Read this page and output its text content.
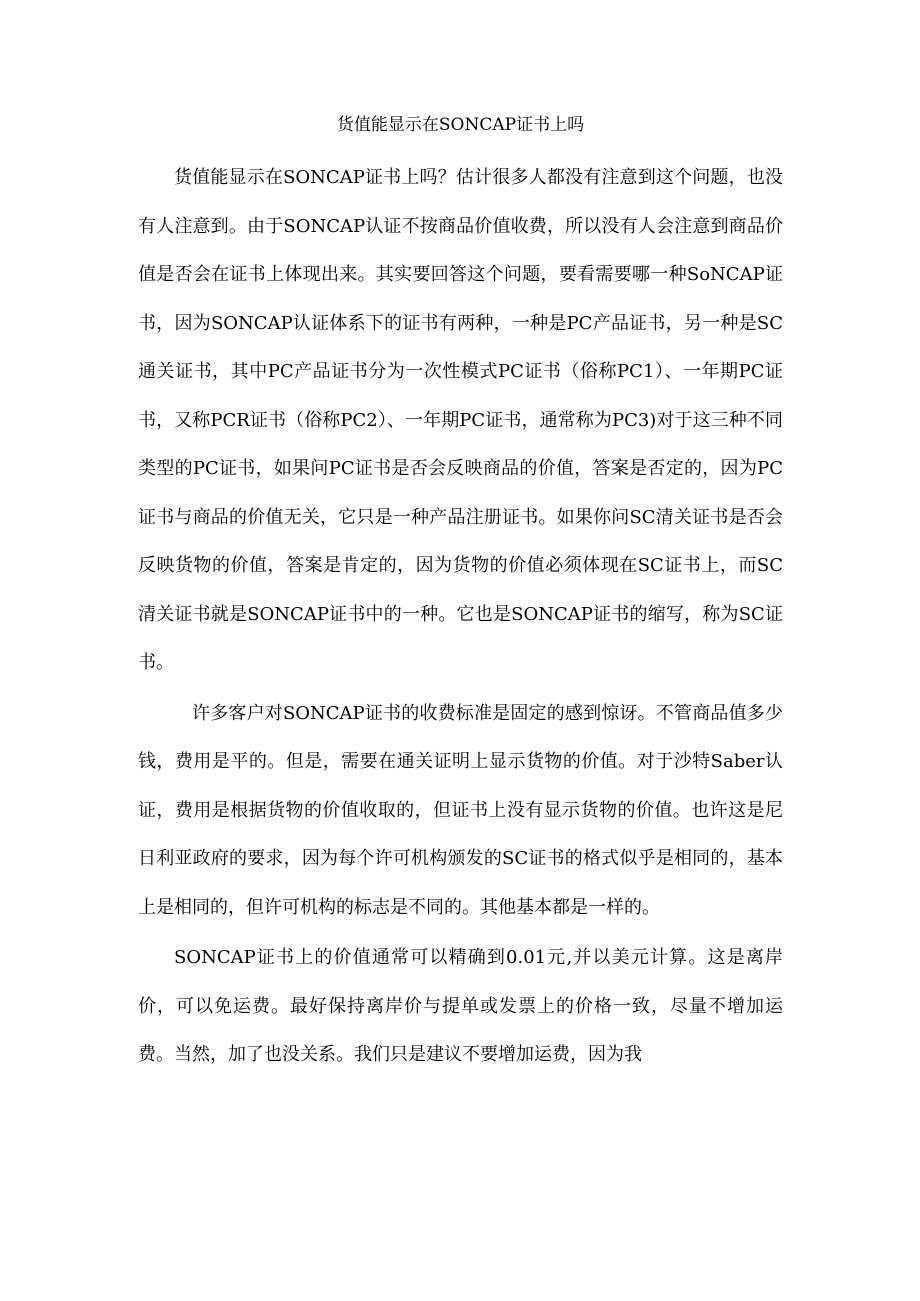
货值能显示在SONCAP证书上吗

货值能显示在SONCAP证书上吗？估计很多人都没有注意到这个问题，也没有人注意到。由于SONCAP认证不按商品价值收费，所以没有人会注意到商品价值是否会在证书上体现出来。其实要回答这个问题，要看需要哪一种SoNCAP证书，因为SONCAP认证体系下的证书有两种，一种是PC产品证书，另一种是SC通关证书，其中PC产品证书分为一次性模式PC证书（俗称PC1）、一年期PC证书，又称PCR证书（俗称PC2）、一年期PC证书，通常称为PC3)对于这三种不同类型的PC证书，如果问PC证书是否会反映商品的价值，答案是否定的，因为PC证书与商品的价值无关，它只是一种产品注册证书。如果你问SC清关证书是否会反映货物的价值，答案是肯定的，因为货物的价值必须体现在SC证书上，而SC清关证书就是SONCAP证书中的一种。它也是SONCAP证书的缩写，称为SC证书。

许多客户对SONCAP证书的收费标准是固定的感到惊讶。不管商品值多少钱，费用是平的。但是，需要在通关证明上显示货物的价值。对于沙特Saber认证，费用是根据货物的价值收取的，但证书上没有显示货物的价值。也许这是尼日利亚政府的要求，因为每个许可机构颁发的SC证书的格式似乎是相同的，基本上是相同的，但许可机构的标志是不同的。其他基本都是一样的。

SONCAP证书上的价值通常可以精确到0.01元,并以美元计算。这是离岸价，可以免运费。最好保持离岸价与提单或发票上的价格一致，尽量不增加运费。当然，加了也没关系。我们只是建议不要增加运费，因为我
